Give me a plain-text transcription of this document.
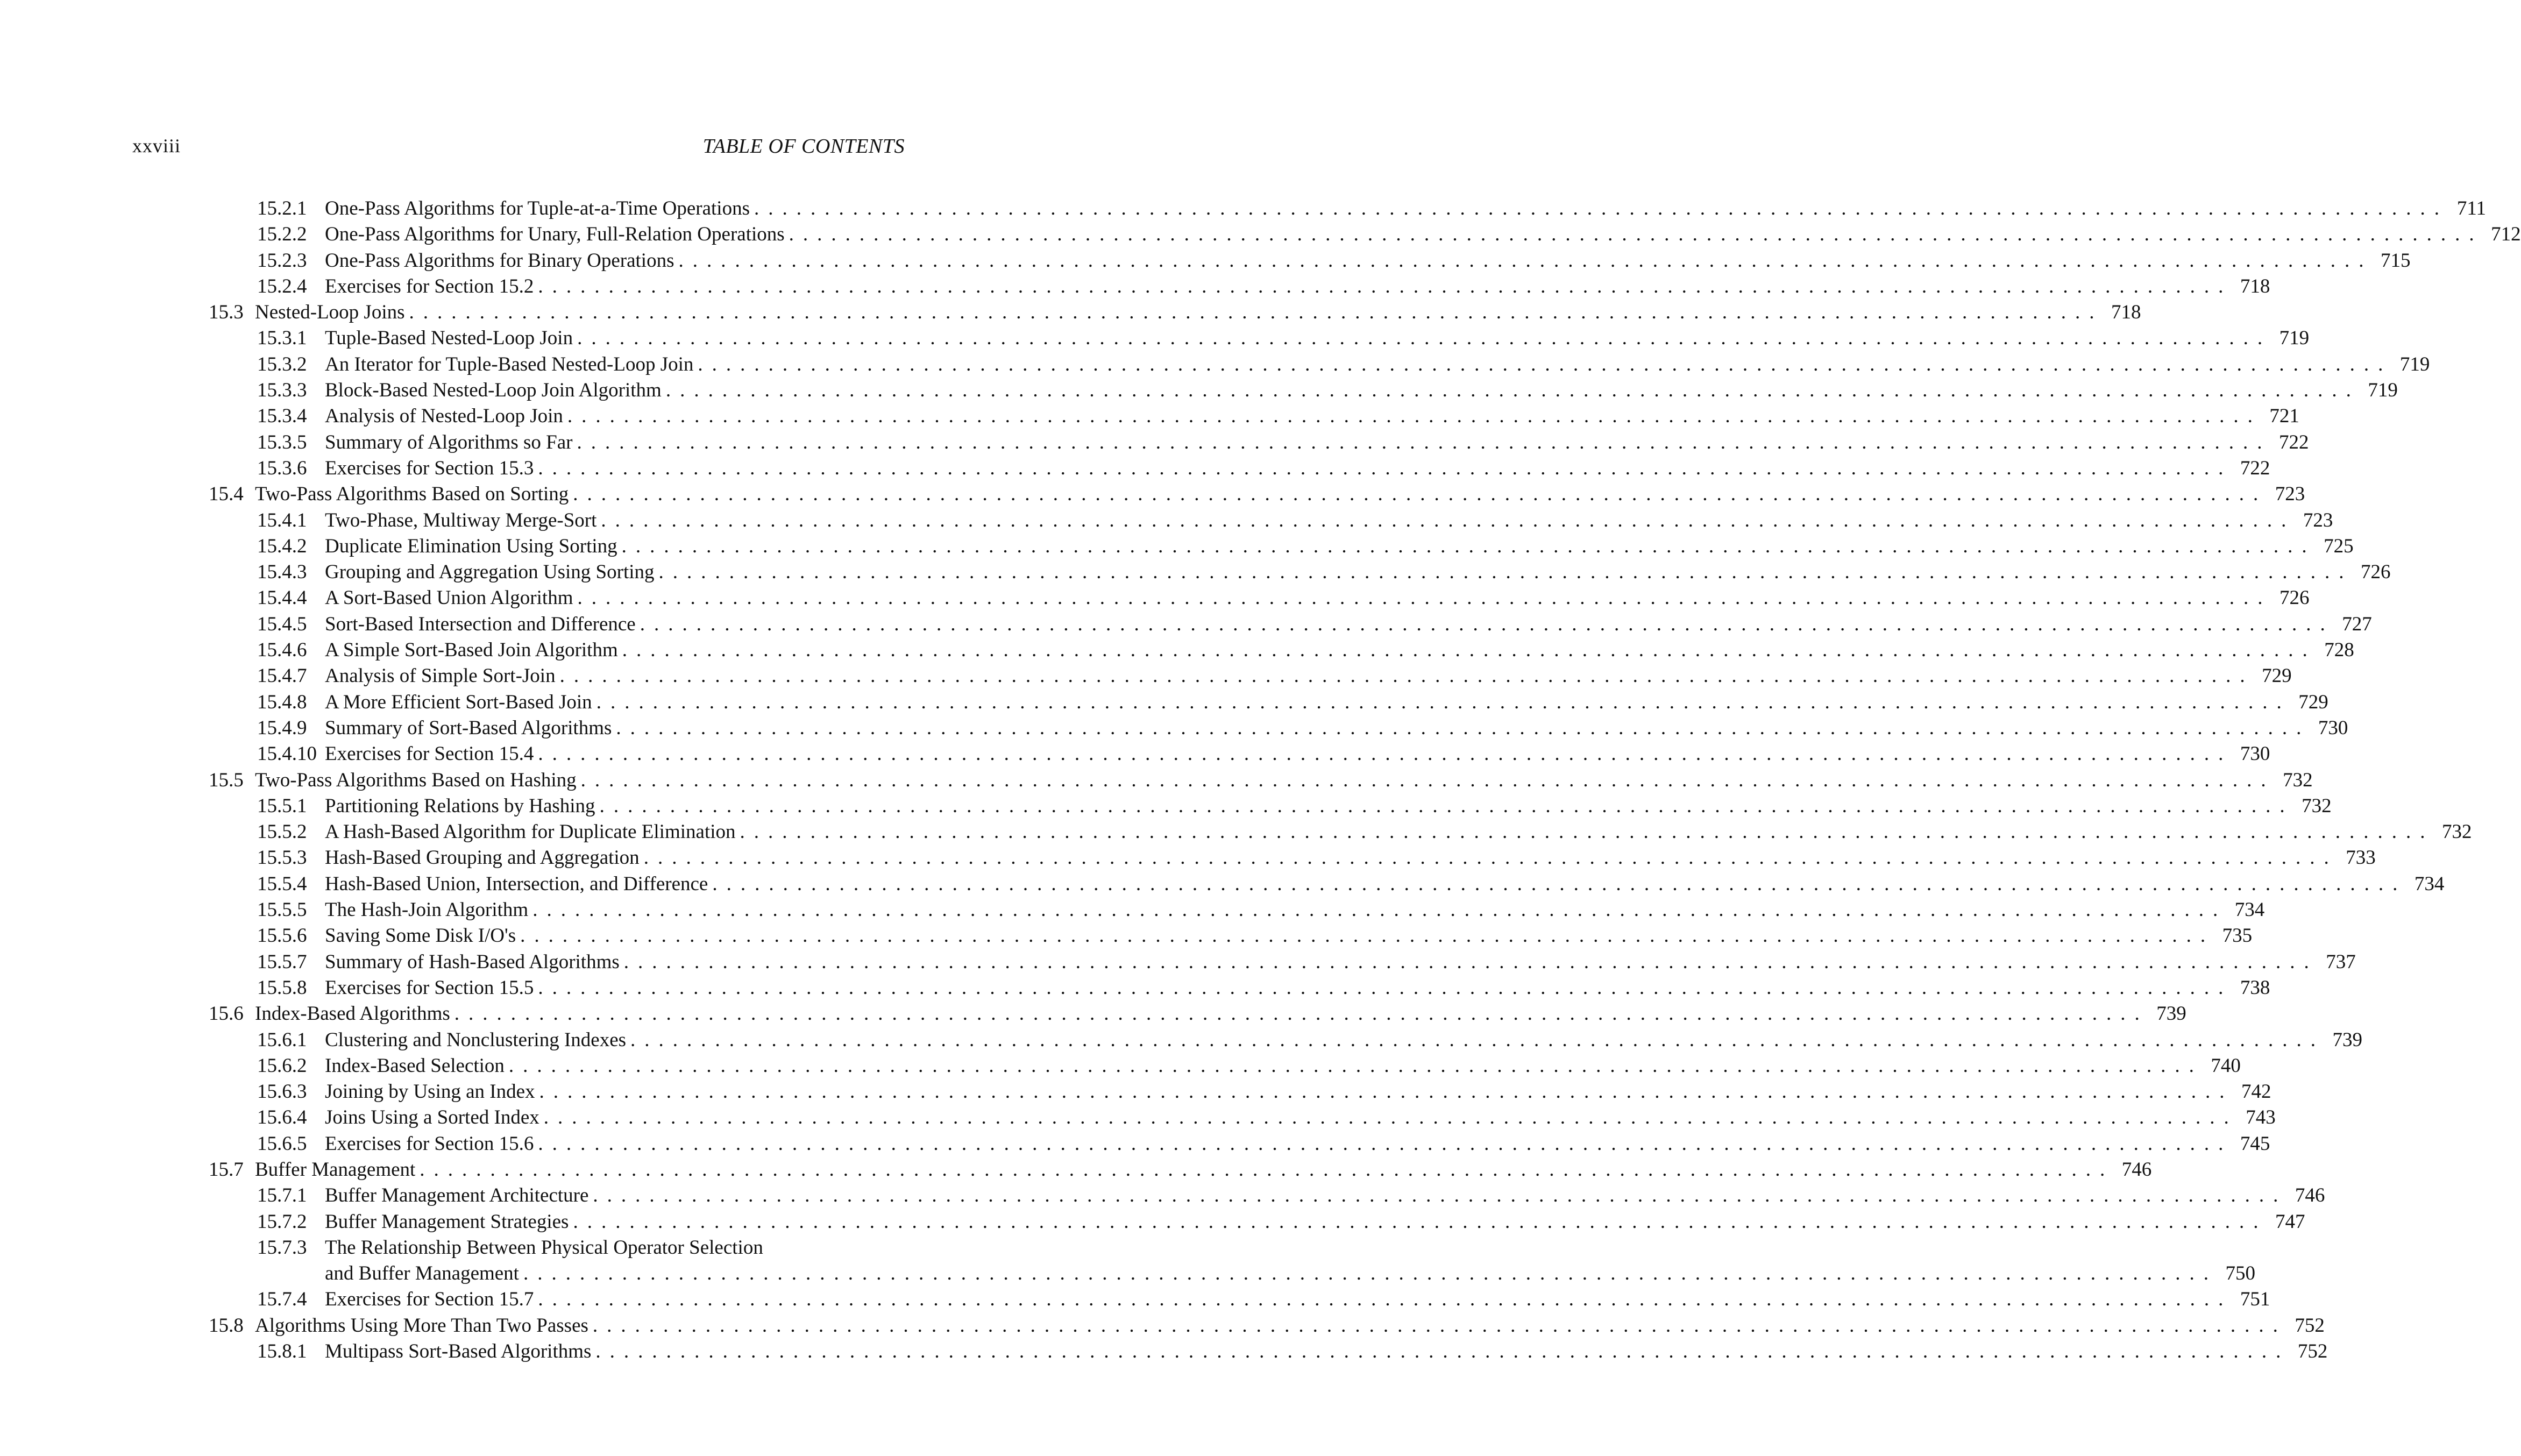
xxviii	TABLE OF CONTENTS
15.2.1 One-Pass Algorithms for Tuple-at-a-Time Operations ........................................................................................................................ 711
15.2.2 One-Pass Algorithms for Unary, Full-Relation Operations ........................................................................................................................ 712
15.2.3 One-Pass Algorithms for Binary Operations ........................................................................................................................ 715
15.2.4 Exercises for Section 15.2 ........................................................................................................................ 718
15.3 Nested-Loop Joins ........................................................................................................................ 718
15.3.1 Tuple-Based Nested-Loop Join ........................................................................................................................ 719
15.3.2 An Iterator for Tuple-Based Nested-Loop Join ........................................................................................................................ 719
15.3.3 Block-Based Nested-Loop Join Algorithm ........................................................................................................................ 719
15.3.4 Analysis of Nested-Loop Join ........................................................................................................................ 721
15.3.5 Summary of Algorithms so Far ........................................................................................................................ 722
15.3.6 Exercises for Section 15.3 ........................................................................................................................ 722
15.4 Two-Pass Algorithms Based on Sorting ........................................................................................................................ 723
15.4.1 Two-Phase, Multiway Merge-Sort ........................................................................................................................ 723
15.4.2 Duplicate Elimination Using Sorting ........................................................................................................................ 725
15.4.3 Grouping and Aggregation Using Sorting ........................................................................................................................ 726
15.4.4 A Sort-Based Union Algorithm ........................................................................................................................ 726
15.4.5 Sort-Based Intersection and Difference ........................................................................................................................ 727
15.4.6 A Simple Sort-Based Join Algorithm ........................................................................................................................ 728
15.4.7 Analysis of Simple Sort-Join ........................................................................................................................ 729
15.4.8 A More Efficient Sort-Based Join ........................................................................................................................ 729
15.4.9 Summary of Sort-Based Algorithms ........................................................................................................................ 730
15.4.10 Exercises for Section 15.4 ........................................................................................................................ 730
15.5 Two-Pass Algorithms Based on Hashing ........................................................................................................................ 732
15.5.1 Partitioning Relations by Hashing ........................................................................................................................ 732
15.5.2 A Hash-Based Algorithm for Duplicate Elimination ........................................................................................................................ 732
15.5.3 Hash-Based Grouping and Aggregation ........................................................................................................................ 733
15.5.4 Hash-Based Union, Intersection, and Difference ........................................................................................................................ 734
15.5.5 The Hash-Join Algorithm ........................................................................................................................ 734
15.5.6 Saving Some Disk I/O's ........................................................................................................................ 735
15.5.7 Summary of Hash-Based Algorithms ........................................................................................................................ 737
15.5.8 Exercises for Section 15.5 ........................................................................................................................ 738
15.6 Index-Based Algorithms ........................................................................................................................ 739
15.6.1 Clustering and Nonclustering Indexes ........................................................................................................................ 739
15.6.2 Index-Based Selection ........................................................................................................................ 740
15.6.3 Joining by Using an Index ........................................................................................................................ 742
15.6.4 Joins Using a Sorted Index ........................................................................................................................ 743
15.6.5 Exercises for Section 15.6 ........................................................................................................................ 745
15.7 Buffer Management ........................................................................................................................ 746
15.7.1 Buffer Management Architecture ........................................................................................................................ 746
15.7.2 Buffer Management Strategies ........................................................................................................................ 747
15.7.3 The Relationship Between Physical Operator Selection
and Buffer Management ........................................................................................................................ 750
15.7.4 Exercises for Section 15.7 ........................................................................................................................ 751
15.8 Algorithms Using More Than Two Passes ........................................................................................................................ 752
15.8.1 Multipass Sort-Based Algorithms ........................................................................................................................ 752
